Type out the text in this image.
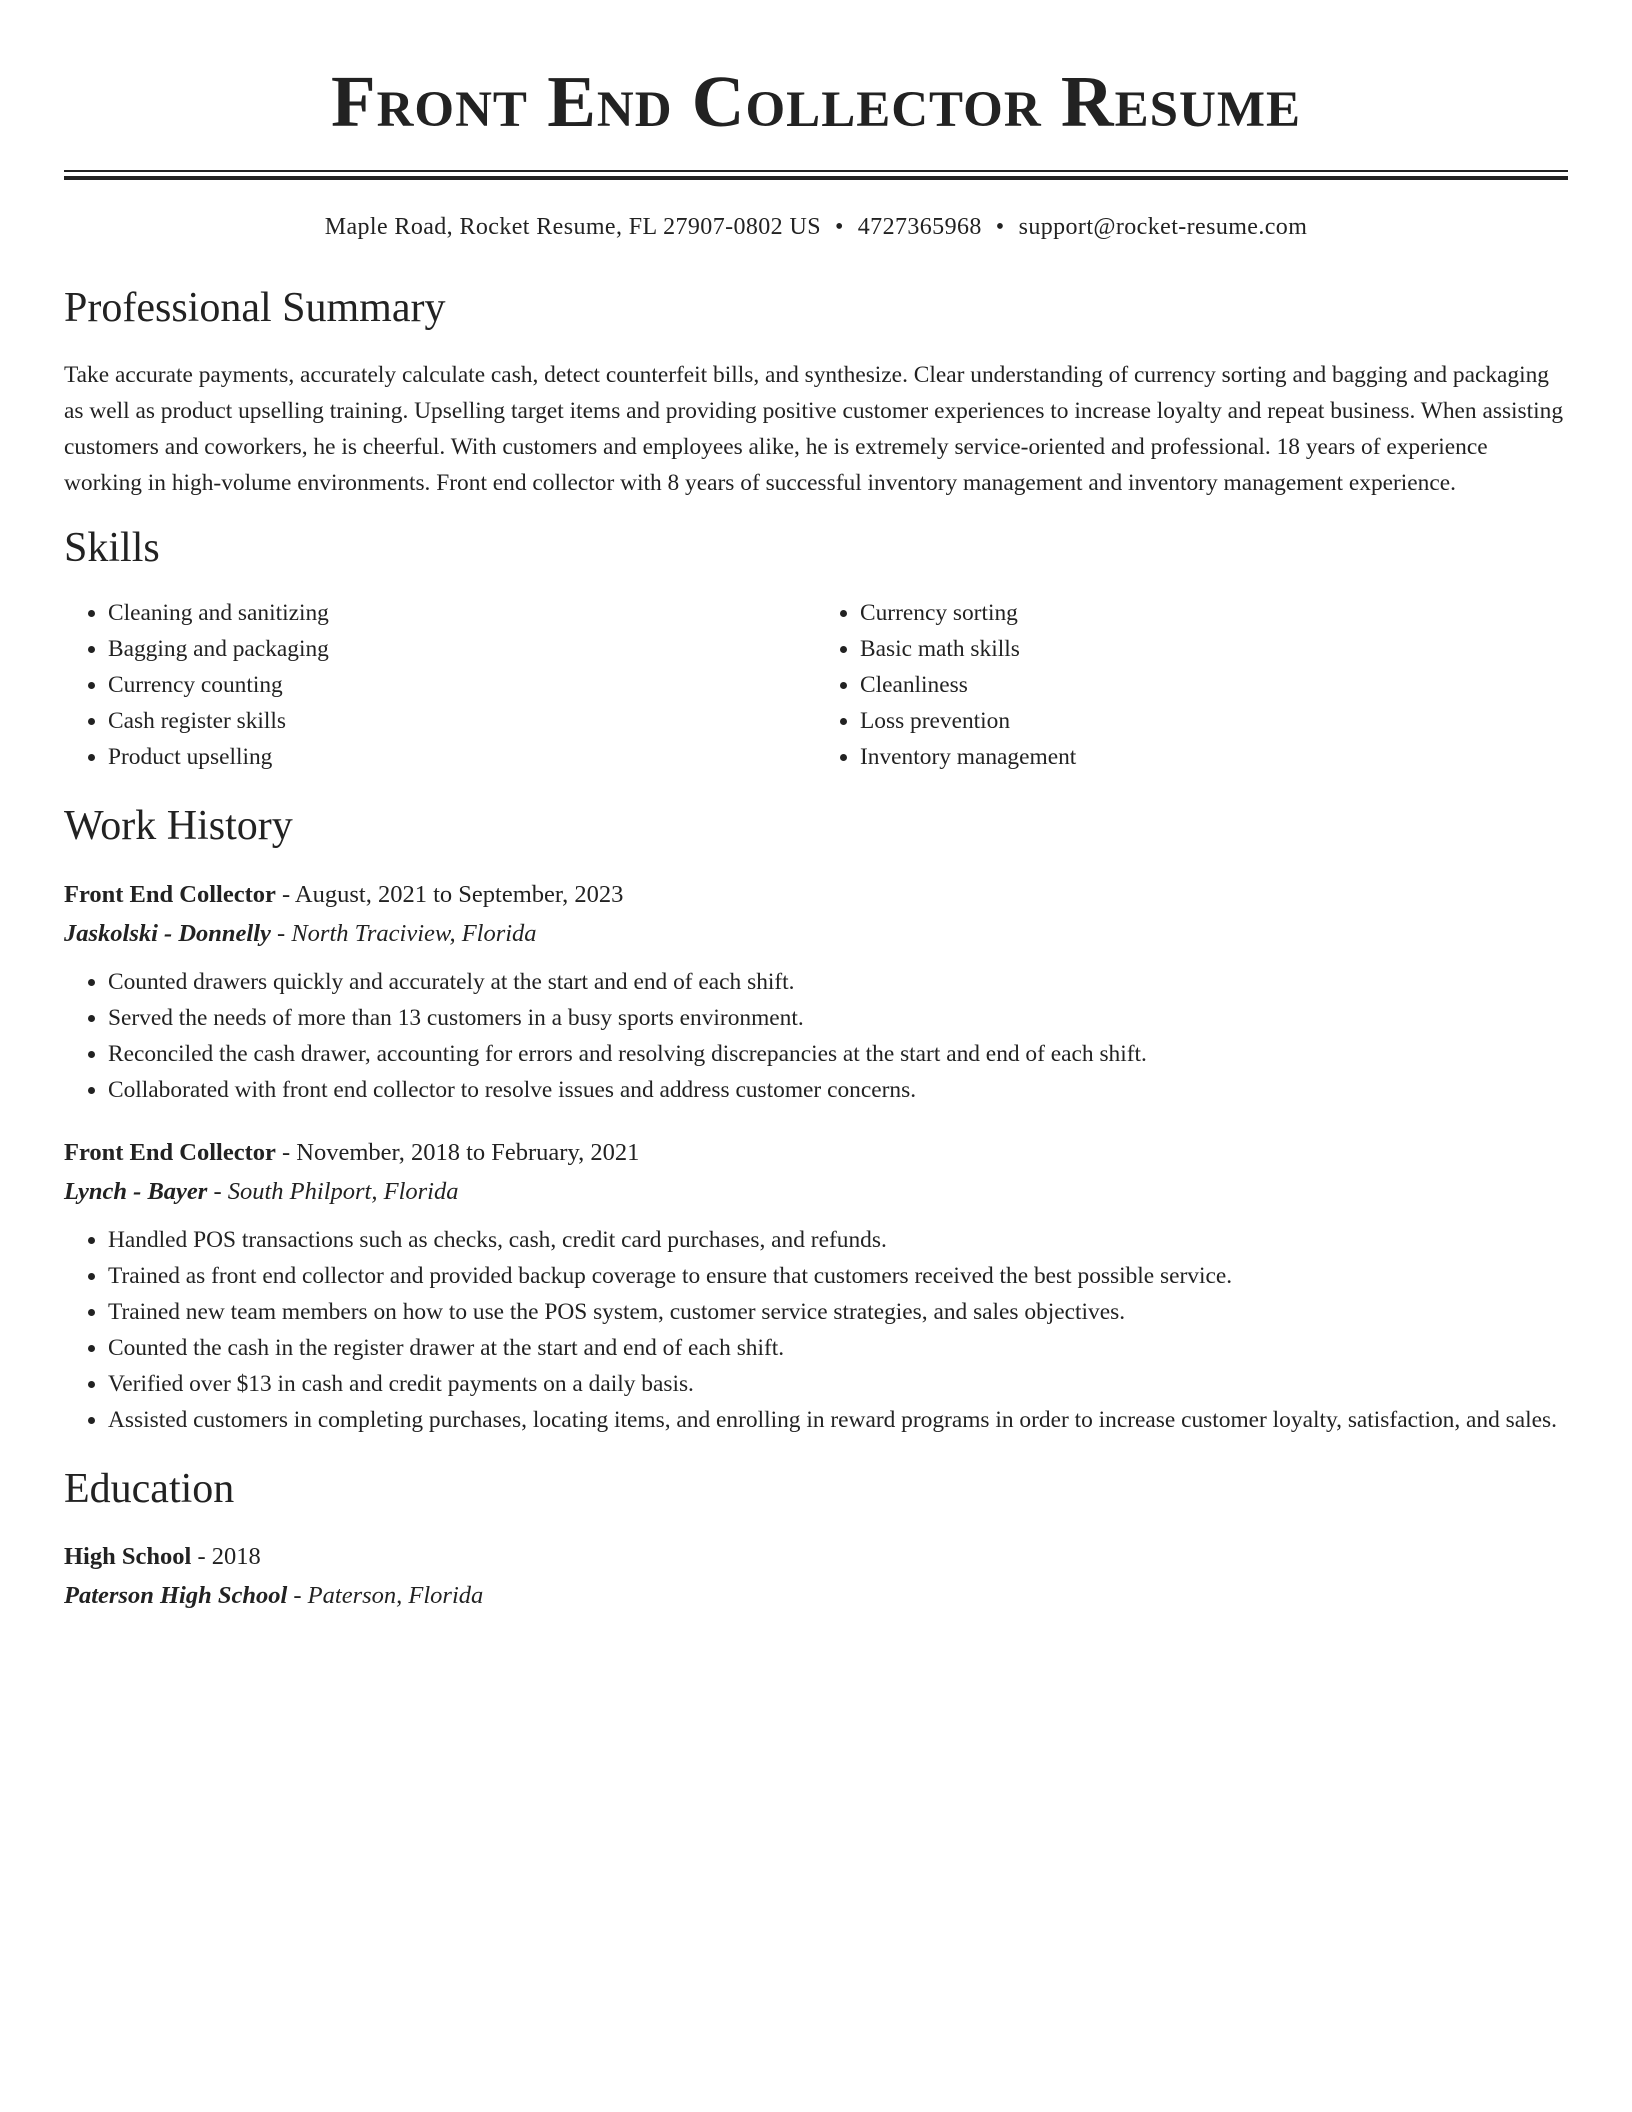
Front End Collector Resume
Maple Road, Rocket Resume, FL 27907-0802 US • 4727365968 • support@rocket-resume.com
Professional Summary

Take accurate payments, accurately calculate cash, detect counterfeit bills, and synthesize. Clear understanding of currency sorting and bagging and packaging as well as product upselling training. Upselling target items and providing positive customer experiences to increase loyalty and repeat business. When assisting customers and coworkers, he is cheerful. With customers and employees alike, he is extremely service-oriented and professional. 18 years of experience working in high-volume environments. Front end collector with 8 years of successful inventory management and inventory management experience.

Skills
• Cleaning and sanitizing
• Bagging and packaging
• Currency counting
• Cash register skills
• Product upselling
• Currency sorting
• Basic math skills
• Cleanliness
• Loss prevention
• Inventory management
Work History
Front End Collector - August, 2021 to September, 2023
Jaskolski - Donnelly - North Traciview, Florida
• Counted drawers quickly and accurately at the start and end of each shift.
• Served the needs of more than 13 customers in a busy sports environment.
• Reconciled the cash drawer, accounting for errors and resolving discrepancies at the start and end of each shift.
• Collaborated with front end collector to resolve issues and address customer concerns.
Front End Collector - November, 2018 to February, 2021
Lynch - Bayer - South Philport, Florida
• Handled POS transactions such as checks, cash, credit card purchases, and refunds.
• Trained as front end collector and provided backup coverage to ensure that customers received the best possible service.
• Trained new team members on how to use the POS system, customer service strategies, and sales objectives.
• Counted the cash in the register drawer at the start and end of each shift.
• Verified over $13 in cash and credit payments on a daily basis.
• Assisted customers in completing purchases, locating items, and enrolling in reward programs in order to increase customer loyalty, satisfaction, and sales.
Education
High School - 2018
Paterson High School - Paterson, Florida
